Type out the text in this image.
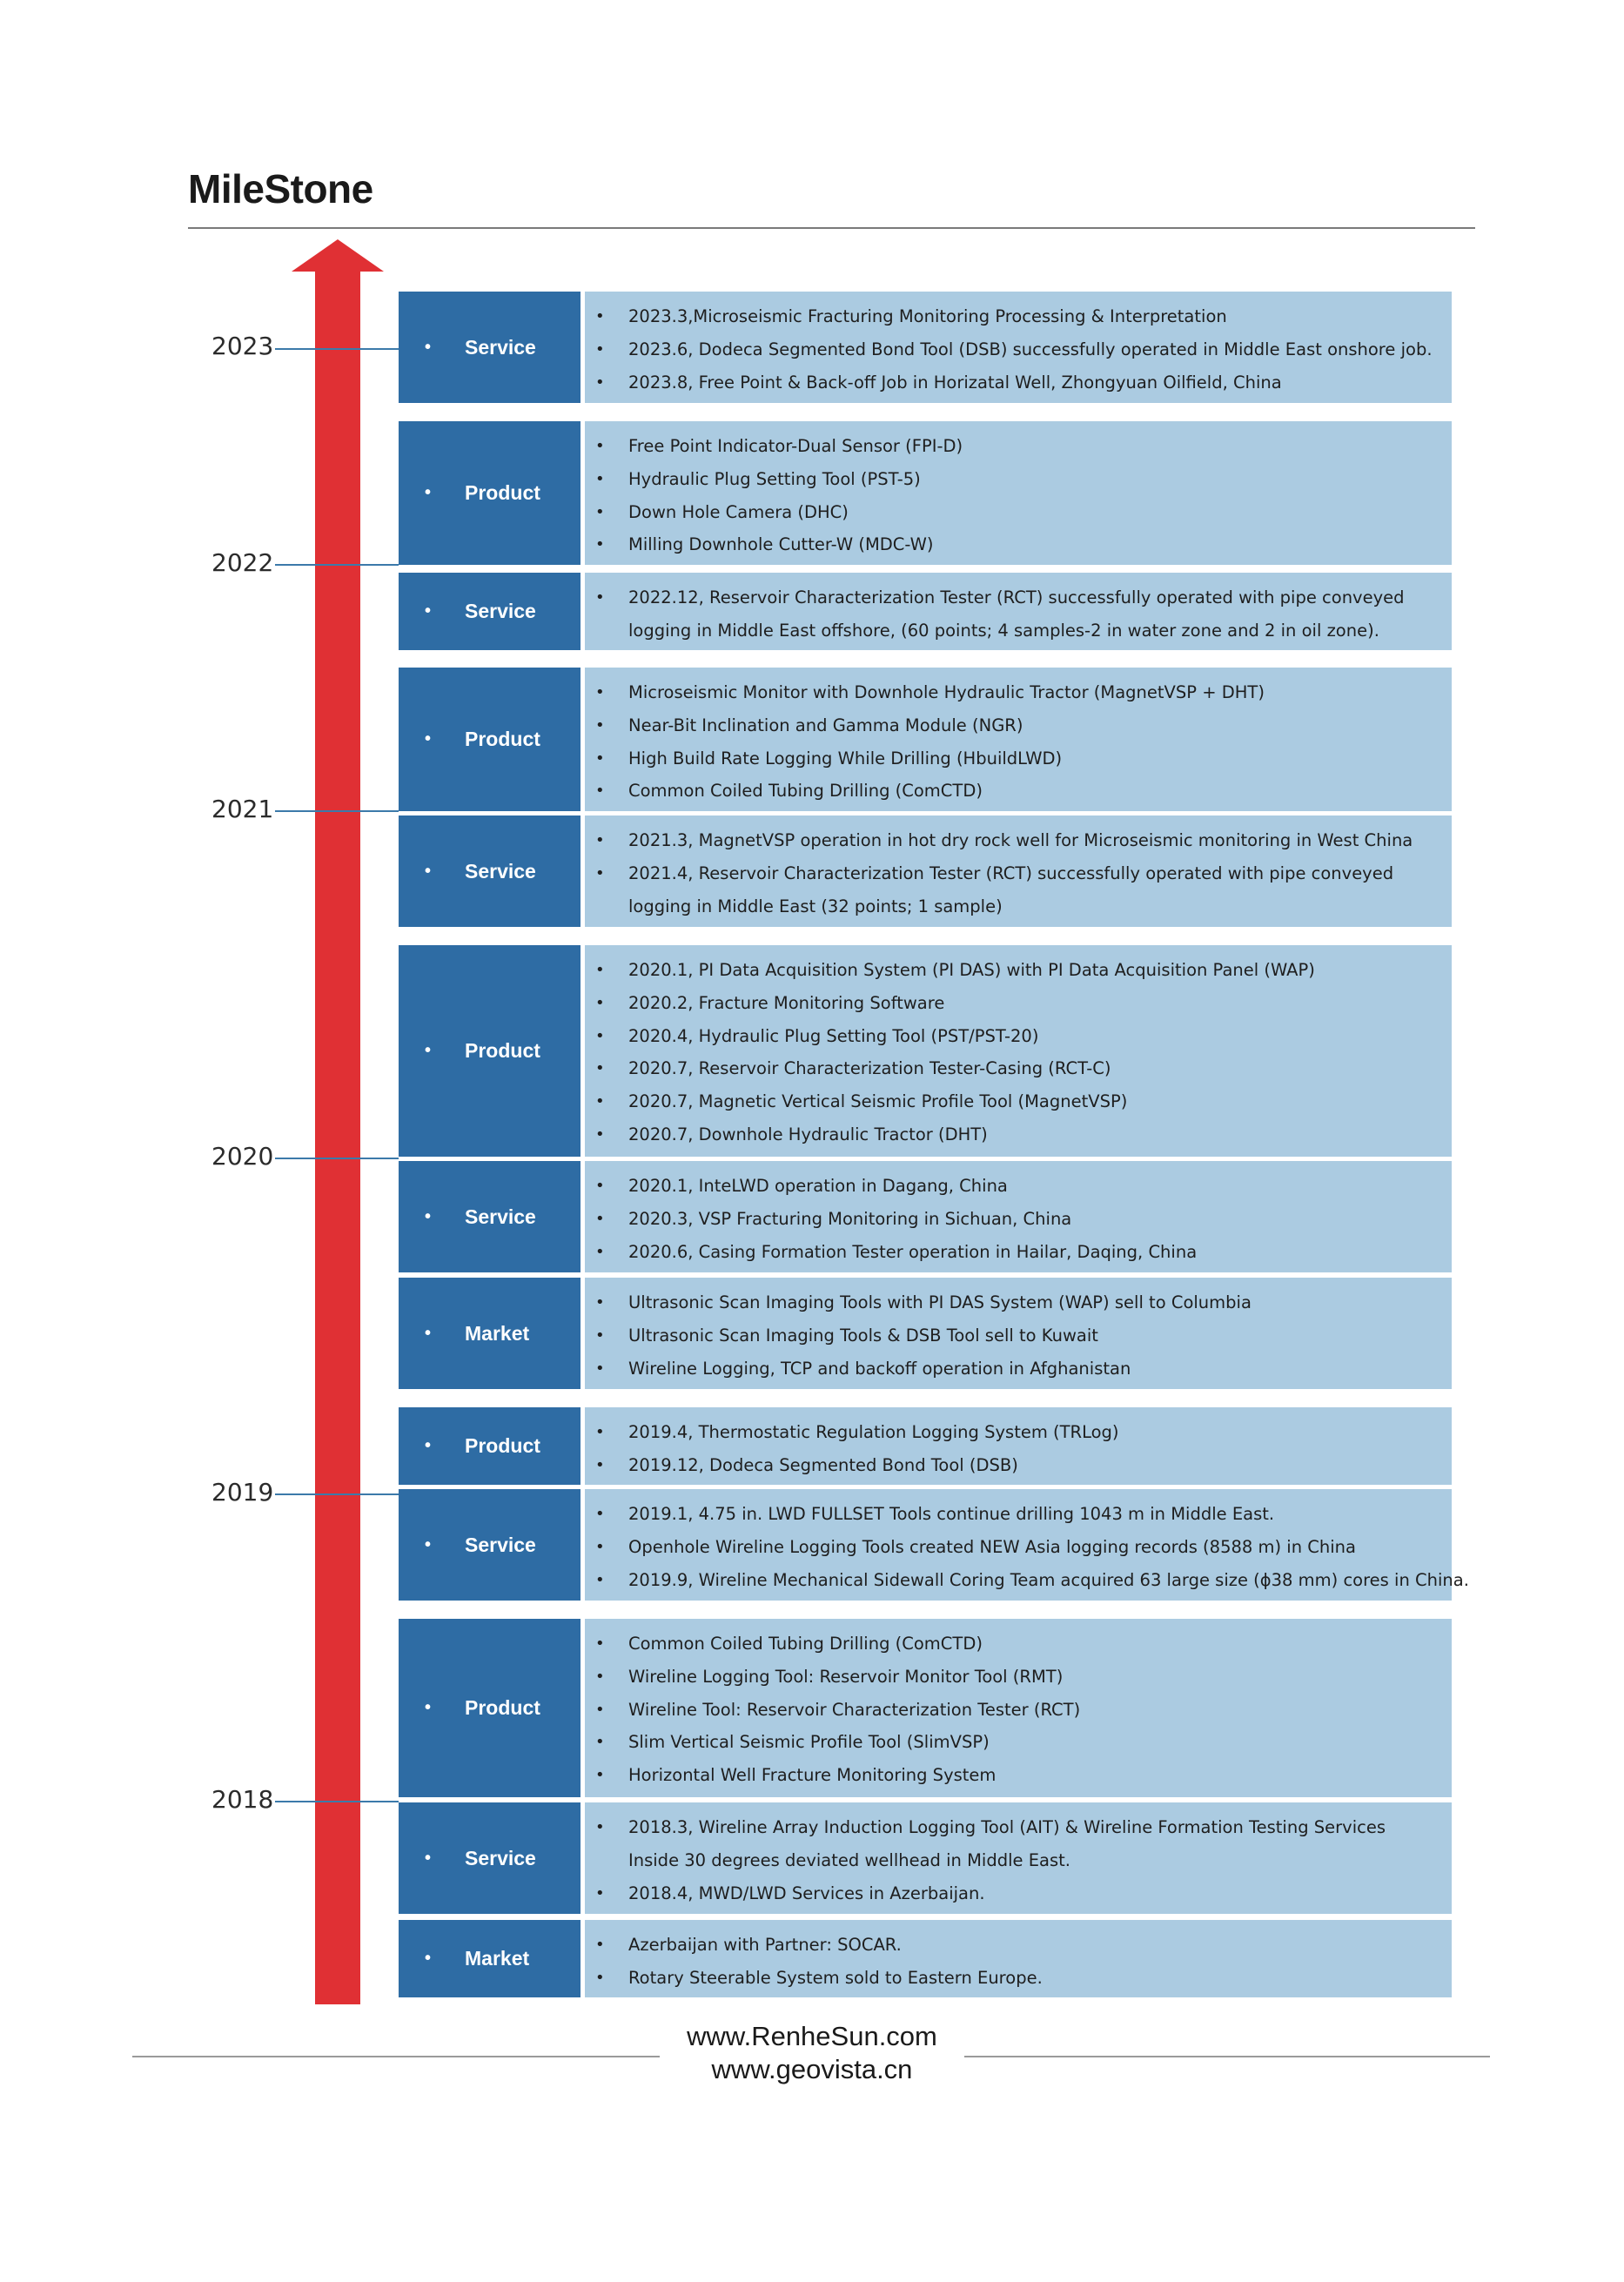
MileStone
2023
2022
2021
2020
2019
2018
•	Service
• 2023.3,Microseismic Fracturing Monitoring Processing & Interpretation
• 2023.6, Dodeca Segmented Bond Tool (DSB) successfully operated in Middle East onshore job.
• 2023.8, Free Point & Back-off Job in Horizatal Well, Zhongyuan Oilfield, China
•	Product
• Free Point Indicator-Dual Sensor (FPI-D)
• Hydraulic Plug Setting Tool (PST-5)
• Down Hole Camera (DHC)
• Milling Downhole Cutter-W (MDC-W)
•	Service
• 2022.12, Reservoir Characterization Tester (RCT) successfully operated with pipe conveyed
logging in Middle East offshore, (60 points; 4 samples-2 in water zone and 2 in oil zone).
•	Product
• Microseismic Monitor with Downhole Hydraulic Tractor (MagnetVSP + DHT)
• Near-Bit Inclination and Gamma Module (NGR)
• High Build Rate Logging While Drilling (HbuildLWD)
• Common Coiled Tubing Drilling (ComCTD)
•	Service
• 2021.3, MagnetVSP operation in hot dry rock well for Microseismic monitoring in West China
• 2021.4, Reservoir Characterization Tester (RCT) successfully operated with pipe conveyed
logging in Middle East (32 points; 1 sample)
•	Product
• 2020.1, PI Data Acquisition System (PI DAS) with PI Data Acquisition Panel (WAP)
• 2020.2, Fracture Monitoring Software
• 2020.4, Hydraulic Plug Setting Tool (PST/PST-20)
• 2020.7, Reservoir Characterization Tester-Casing (RCT-C)
• 2020.7, Magnetic Vertical Seismic Profile Tool (MagnetVSP)
• 2020.7, Downhole Hydraulic Tractor (DHT)
•	Service
• 2020.1, InteLWD operation in Dagang, China
• 2020.3, VSP Fracturing Monitoring in Sichuan, China
• 2020.6, Casing Formation Tester operation in Hailar, Daqing, China
•	Market
• Ultrasonic Scan Imaging Tools with PI DAS System (WAP) sell to Columbia
• Ultrasonic Scan Imaging Tools & DSB Tool sell to Kuwait
• Wireline Logging, TCP and backoff operation in Afghanistan
•	Product
• 2019.4, Thermostatic Regulation Logging System (TRLog)
• 2019.12, Dodeca Segmented Bond Tool (DSB)
•	Service
• 2019.1, 4.75 in. LWD FULLSET Tools continue drilling 1043 m in Middle East.
• Openhole Wireline Logging Tools created NEW Asia logging records (8588 m) in China
• 2019.9, Wireline Mechanical Sidewall Coring Team acquired 63 large size (ϕ38 mm) cores in China.
•	Product
• Common Coiled Tubing Drilling (ComCTD)
• Wireline Logging Tool: Reservoir Monitor Tool (RMT)
• Wireline Tool: Reservoir Characterization Tester (RCT)
• Slim Vertical Seismic Profile Tool (SlimVSP)
• Horizontal Well Fracture Monitoring System
•	Service
• 2018.3, Wireline Array Induction Logging Tool (AIT) & Wireline Formation Testing Services
Inside 30 degrees deviated wellhead in Middle East.
• 2018.4, MWD/LWD Services in Azerbaijan.
•	Market
• Azerbaijan with Partner: SOCAR.
• Rotary Steerable System sold to Eastern Europe.
www.RenheSun.com
www.geovista.cn
